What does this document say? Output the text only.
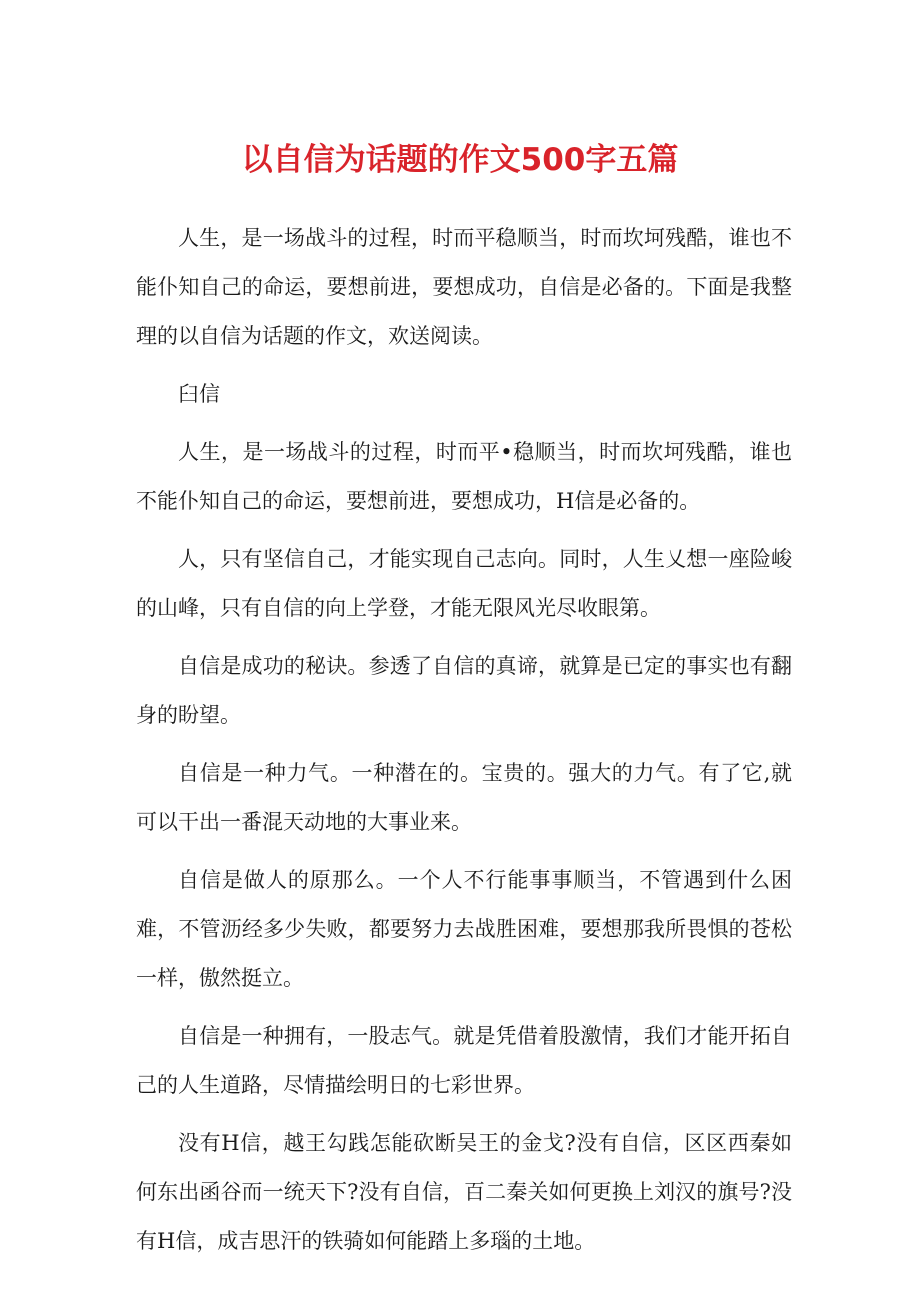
以自信为话题的作文500字五篇

人生，是一场战斗的过程，时而平稳顺当，时而坎坷残酷，谁也不能仆知自己的命运，要想前进，要想成功，自信是必备的。下面是我整理的以自信为话题的作文，欢送阅读。

臼信

人生，是一场战斗的过程，时而平•稳顺当，时而坎坷残酷，谁也不能仆知自己的命运，要想前进，要想成功，H信是必备的。

人，只有坚信自己，才能实现自己志向。同时，人生乂想一座险峻的山峰，只有自信的向上学登，才能无限风光尽收眼第。

自信是成功的秘诀。参透了自信的真谛，就算是已定的事实也有翻身的盼望。

自信是一种力气。一种潜在的。宝贵的。强大的力气。有了它,就可以干出一番混天动地的大事业来。

自信是做人的原那么。一个人不行能事事顺当，不管遇到什么困难，不管沥经多少失败，都要努力去战胜困难，要想那我所畏惧的苍松一样，傲然挺立。

自信是一种拥有，一股志气。就是凭借着股激情，我们才能开拓自己的人生道路，尽情描绘明日的七彩世界。

没有H信，越王勾践怎能砍断吴王的金戈?没有自信，区区西秦如何东出函谷而一统天下?没有自信，百二秦关如何更换上刘汉的旗号?没有H信，成吉思汗的铁骑如何能踏上多瑙的土地。
